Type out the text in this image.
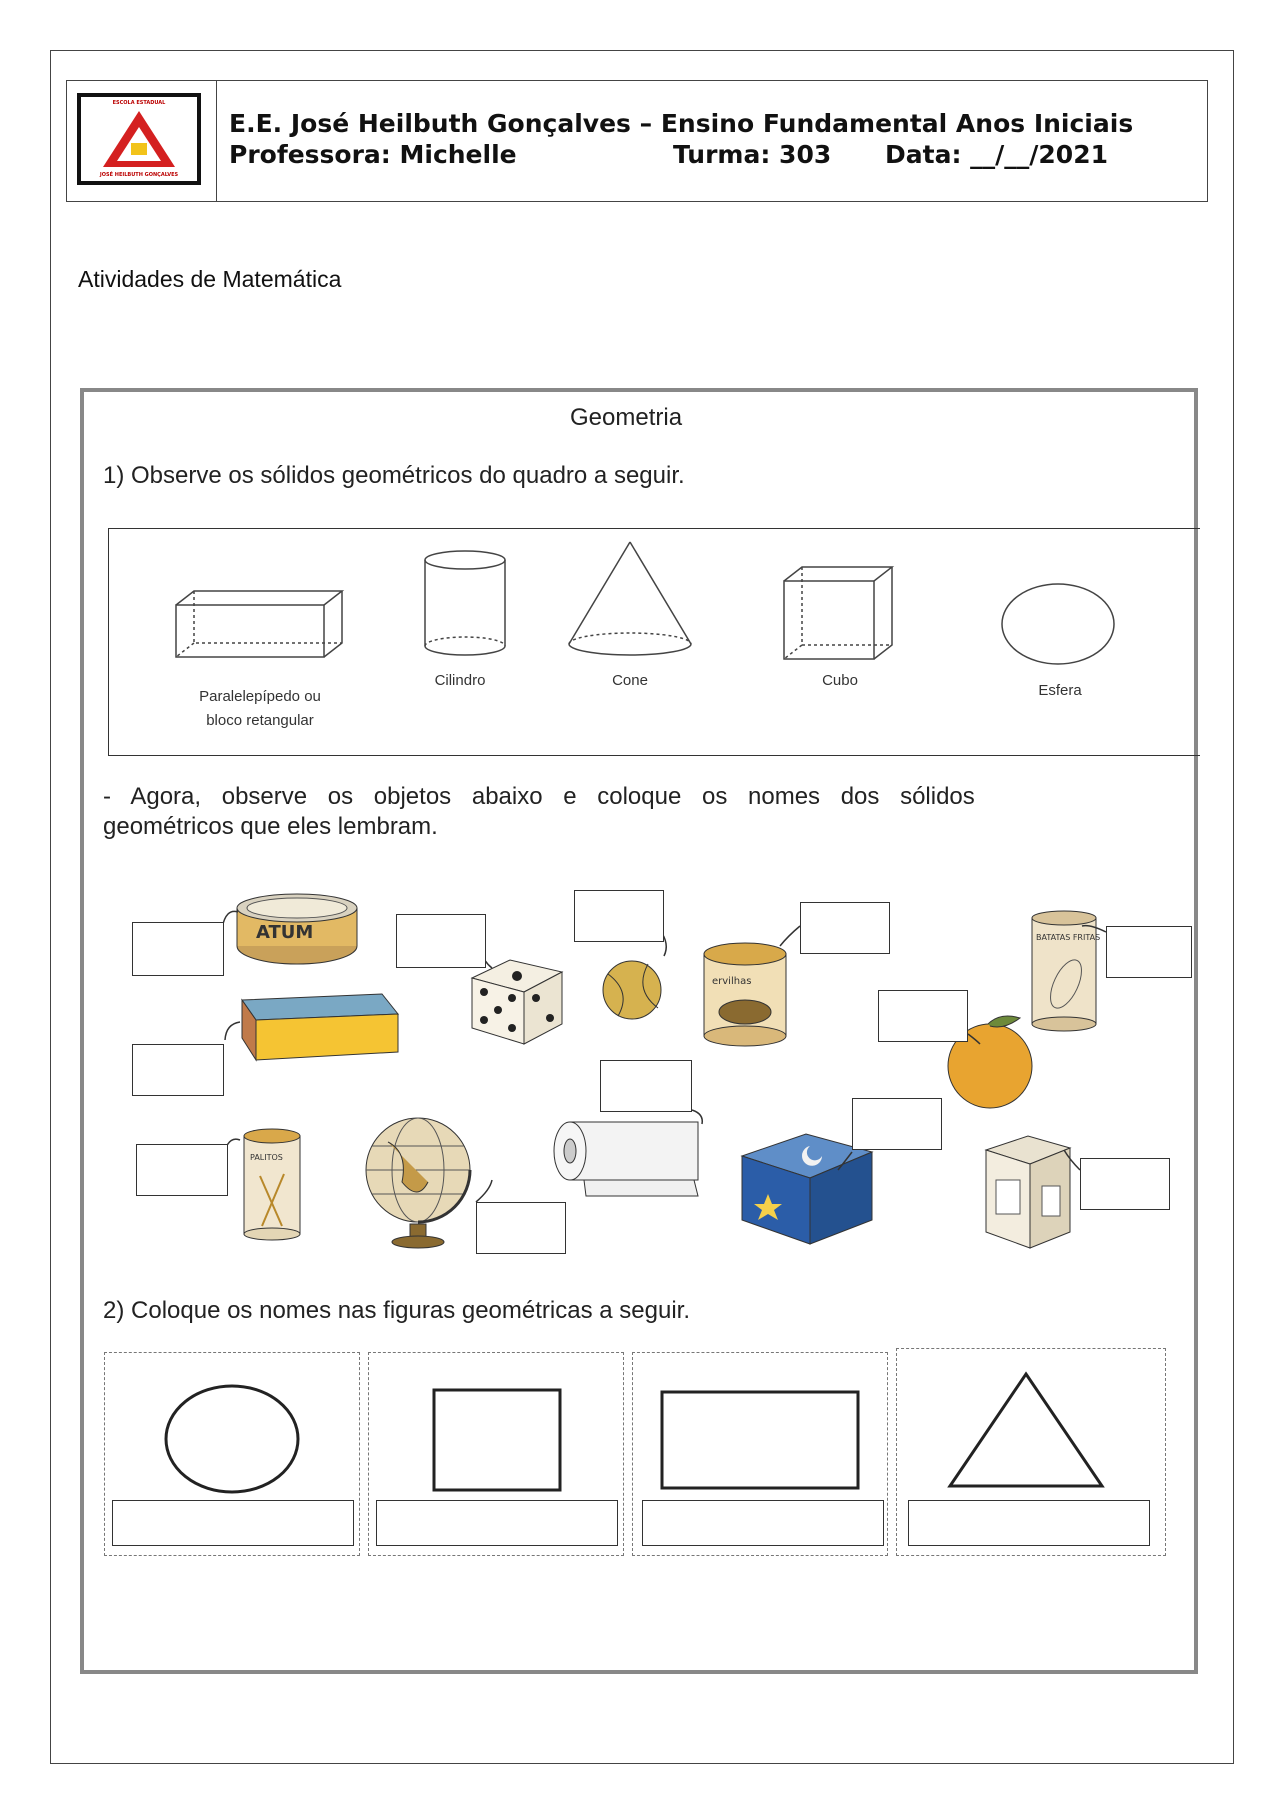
ESCOLA ESTADUAL
JOSÉ HEILBUTH GONÇALVES
E.E. José Heilbuth Gonçalves – Ensino Fundamental Anos Iniciais
Professora: Michelle	Turma: 303 Data: __/__/2021
Atividades de Matemática
Geometria
1) Observe os sólidos geométricos do quadro a seguir.
Paralelepípedo ou
bloco retangular
Cilindro	Cone	Cubo
Esfera
- Agora, observe os objetos abaixo e coloque os nomes dos sólidos
geométricos que eles lembram.
ATUM
ervilhas
BATATAS FRITAS
PALITOS
2) Coloque os nomes nas figuras geométricas a seguir.
